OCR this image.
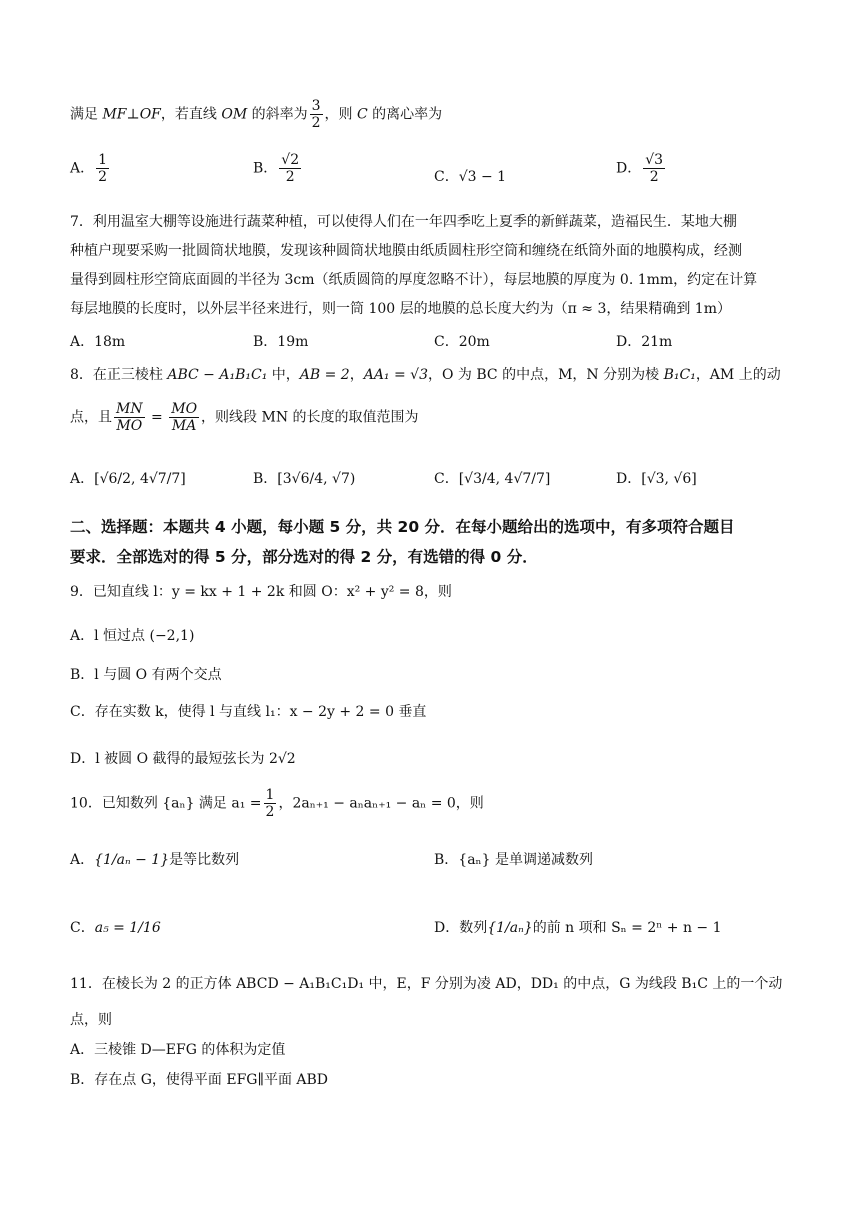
满足 MF⊥OF，若直线 OM 的斜率为 $\frac{3}{2}$ ，则 C 的离心率为
A． $\frac{1}{2}$	B． $\frac{√2}{2}$	C．√3 − 1
D． $\frac{√3}{2}$
7．利用温室大棚等设施进行蔬菜种植，可以使得人们在一年四季吃上夏季的新鲜蔬菜，造福民生．某地大棚
种植户现要采购一批圆筒状地膜，发现该种圆筒状地膜由纸质圆柱形空筒和缠绕在纸筒外面的地膜构成，经测
量得到圆柱形空筒底面圆的半径为 3cm（纸质圆筒的厚度忽略不计），每层地膜的厚度为 0. 1mm，约定在计算
每层地膜的长度时，以外层半径来进行，则一筒 100 层的地膜的总长度大约为（π ≈ 3，结果精确到 1m）
A．18m	B．19m	C．20m	D．21m
8．在正三棱柱 ABC − A₁B₁C₁ 中，AB = 2，AA₁ = √3，O 为 BC 的中点，M，N 分别为棱 B₁C₁，AM 上的动
点，且 $\frac{MN}{MO} = \frac{MO}{MA}$ ，则线段 MN 的长度的取值范围为
A．[√6/2, 4√7/7]	B．[3√6/4, √7)	C．[√3/4, 4√7/7]	D．[√3, √6]
二、选择题：本题共 4 小题，每小题 5 分，共 20 分．在每小题给出的选项中，有多项符合题目
要求．全部选对的得 5 分，部分选对的得 2 分，有选错的得 0 分．
9．已知直线 l：y = kx + 1 + 2k 和圆 O：x² + y² = 8，则
A．l 恒过点 (−2,1)
B．l 与圆 O 有两个交点
C．存在实数 k，使得 l 与直线 l₁：x − 2y + 2 = 0 垂直
D．l 被圆 O 截得的最短弦长为 2√2
10．已知数列 {aₙ} 满足 $a_1 = \frac{1}{2}$ ，2aₙ₊₁ − aₙaₙ₊₁ − aₙ = 0，则
A．{1/aₙ − 1}是等比数列	B．{aₙ} 是单调递减数列
C．a₅ = 1/16	D．数列{1/aₙ}的前 n 项和 Sₙ = 2ⁿ + n − 1
11．在棱长为 2 的正方体 ABCD − A₁B₁C₁D₁ 中，E，F 分别为凌 AD，DD₁ 的中点，G 为线段 B₁C 上的一个动
点，则
A．三棱锥 D—EFG 的体积为定值
B．存在点 G，使得平面 EFG∥平面 ABD
